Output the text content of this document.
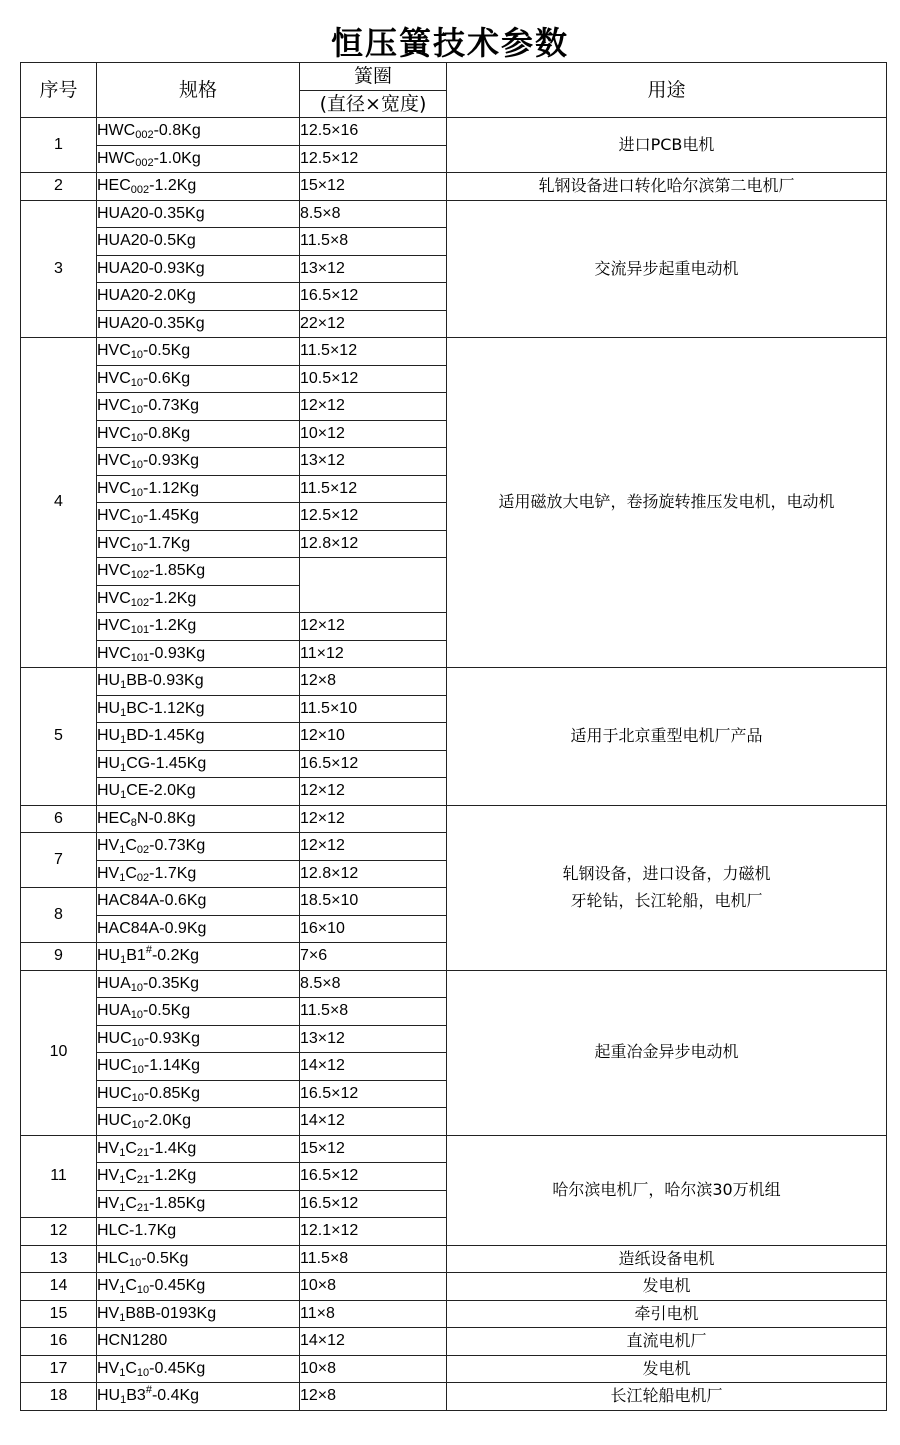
恒压簧技术参数
序号	规格	簧圈	用途
		(直径×宽度)	
1	$HWC_{002}-0.8Kg$	12.5×16	进口PCB电机

	$HWC_{002}-1.0Kg$	12.5×12	
2	$HEC_{002}-1.2Kg$	15×12	轧钢设备进口转化哈尔滨第二电机厂

3	HUA20-0.35Kg	8.5×8	交流异步起重电动机

	HUA20-0.5Kg	11.5×8	
	HUA20-0.93Kg	13×12	
	HUA20-2.0Kg	16.5×12	
	HUA20-0.35Kg	22×12	
4	$HVC_{10}-0.5Kg$	11.5×12	适用磁放大电铲，卷扬旋转推压发电机，电动机

	$HVC_{10}-0.6Kg$	10.5×12	
	$HVC_{10}-0.73Kg$	12×12	
	$HVC_{10}-0.8Kg$	10×12	
	$HVC_{10}-0.93Kg$	13×12	
	$HVC_{10}-1.12Kg$	11.5×12	
	$HVC_{10}-1.45Kg$	12.5×12	
	$HVC_{10}-1.7Kg$	12.8×12	
	$HVC_{102}-1.85Kg$		
	$HVC_{102}-1.2Kg$		
	$HVC_{101}-1.2Kg$	12×12	
	$HVC_{101}-0.93Kg$	11×12	
5	$HU_1BB-0.93Kg$	12×8	适用于北京重型电机厂产品

	$HU_1BC-1.12Kg$	11.5×10	
	$HU_1BD-1.45Kg$	12×10	
	$HU_1CG-1.45Kg$	16.5×12	
	$HU_1CE-2.0Kg$	12×12	
6	$HEC_8N-0.8Kg$	12×12	轧钢设备，进口设备，力磁机
牙轮钻，长江轮船，电机厂

7	$HV_1C_{02}-0.73Kg$	12×12	
	$HV_1C_{02}-1.7Kg$	12.8×12	
8	HAC84A-0.6Kg	18.5×10	
	HAC84A-0.9Kg	16×10	
9	$HU_1B1^{\#}-0.2Kg$	7×6	
10	$HUA_{10}-0.35Kg$	8.5×8	起重冶金异步电动机

	$HUA_{10}-0.5Kg$	11.5×8	
	$HUC_{10}-0.93Kg$	13×12	
	$HUC_{10}-1.14Kg$	14×12	
	$HUC_{10}-0.85Kg$	16.5×12	
	$HUC_{10}-2.0Kg$	14×12	
11	$HV_1C_{21}-1.4Kg$	15×12	哈尔滨电机厂，哈尔滨30万机组

	$HV_1C_{21}-1.2Kg$	16.5×12	
	$HV_1C_{21}-1.85Kg$	16.5×12	
12	HLC-1.7Kg	12.1×12	
13	$HLC_{10}-0.5Kg$	11.5×8	造纸设备电机

14	$HV_1C_{10}-0.45Kg$	10×8	发电机

15	$HV_1B8B-0193Kg$	11×8	牵引电机

16	HCN1280	14×12	直流电机厂

17	$HV_1C_{10}-0.45Kg$	10×8	发电机

18	$HU_1B3^{\#}-0.4Kg$	12×8	长江轮船电机厂
